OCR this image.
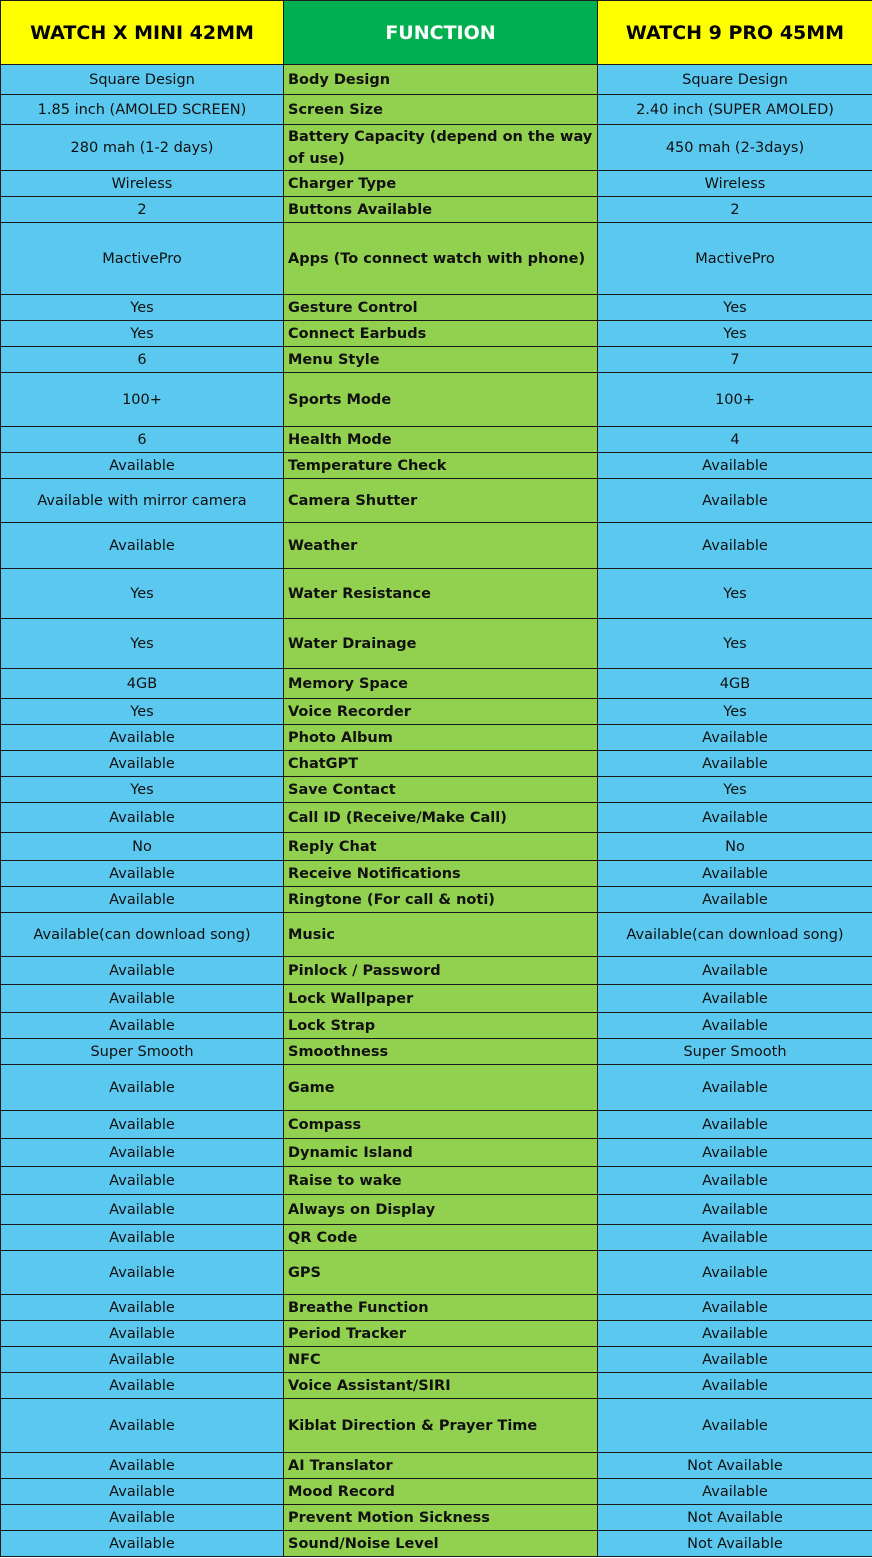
WATCH X MINI 42MM	FUNCTION	WATCH 9 PRO 45MM
Square Design	Body Design	Square Design
1.85 inch (AMOLED SCREEN)	Screen Size	2.40 inch (SUPER AMOLED)
280 mah (1-2 days)	Battery Capacity (depend on the way of use)	450 mah (2-3days)
Wireless	Charger Type	Wireless
2	Buttons Available	2
MactivePro	Apps (To connect watch with phone)	MactivePro
Yes	Gesture Control	Yes
Yes	Connect Earbuds	Yes
6	Menu Style	7
100+	Sports Mode	100+
6	Health Mode	4
Available	Temperature Check	Available
Available with mirror camera	Camera Shutter	Available
Available	Weather	Available
Yes	Water Resistance	Yes
Yes	Water Drainage	Yes
4GB	Memory Space	4GB
Yes	Voice Recorder	Yes
Available	Photo Album	Available
Available	ChatGPT	Available
Yes	Save Contact	Yes
Available	Call ID (Receive/Make Call)	Available
No	Reply Chat	No
Available	Receive Notifications	Available
Available	Ringtone (For call & noti)	Available
Available(can download song)	Music	Available(can download song)
Available	Pinlock / Password	Available
Available	Lock Wallpaper	Available
Available	Lock Strap	Available
Super Smooth	Smoothness	Super Smooth
Available	Game	Available
Available	Compass	Available
Available	Dynamic Island	Available
Available	Raise to wake	Available
Available	Always on Display	Available
Available	QR Code	Available
Available	GPS	Available
Available	Breathe Function	Available
Available	Period Tracker	Available
Available	NFC	Available
Available	Voice Assistant/SIRI	Available
Available	Kiblat Direction & Prayer Time	Available
Available	AI Translator	Not Available
Available	Mood Record	Available
Available	Prevent Motion Sickness	Not Available
Available	Sound/Noise Level	Not Available
